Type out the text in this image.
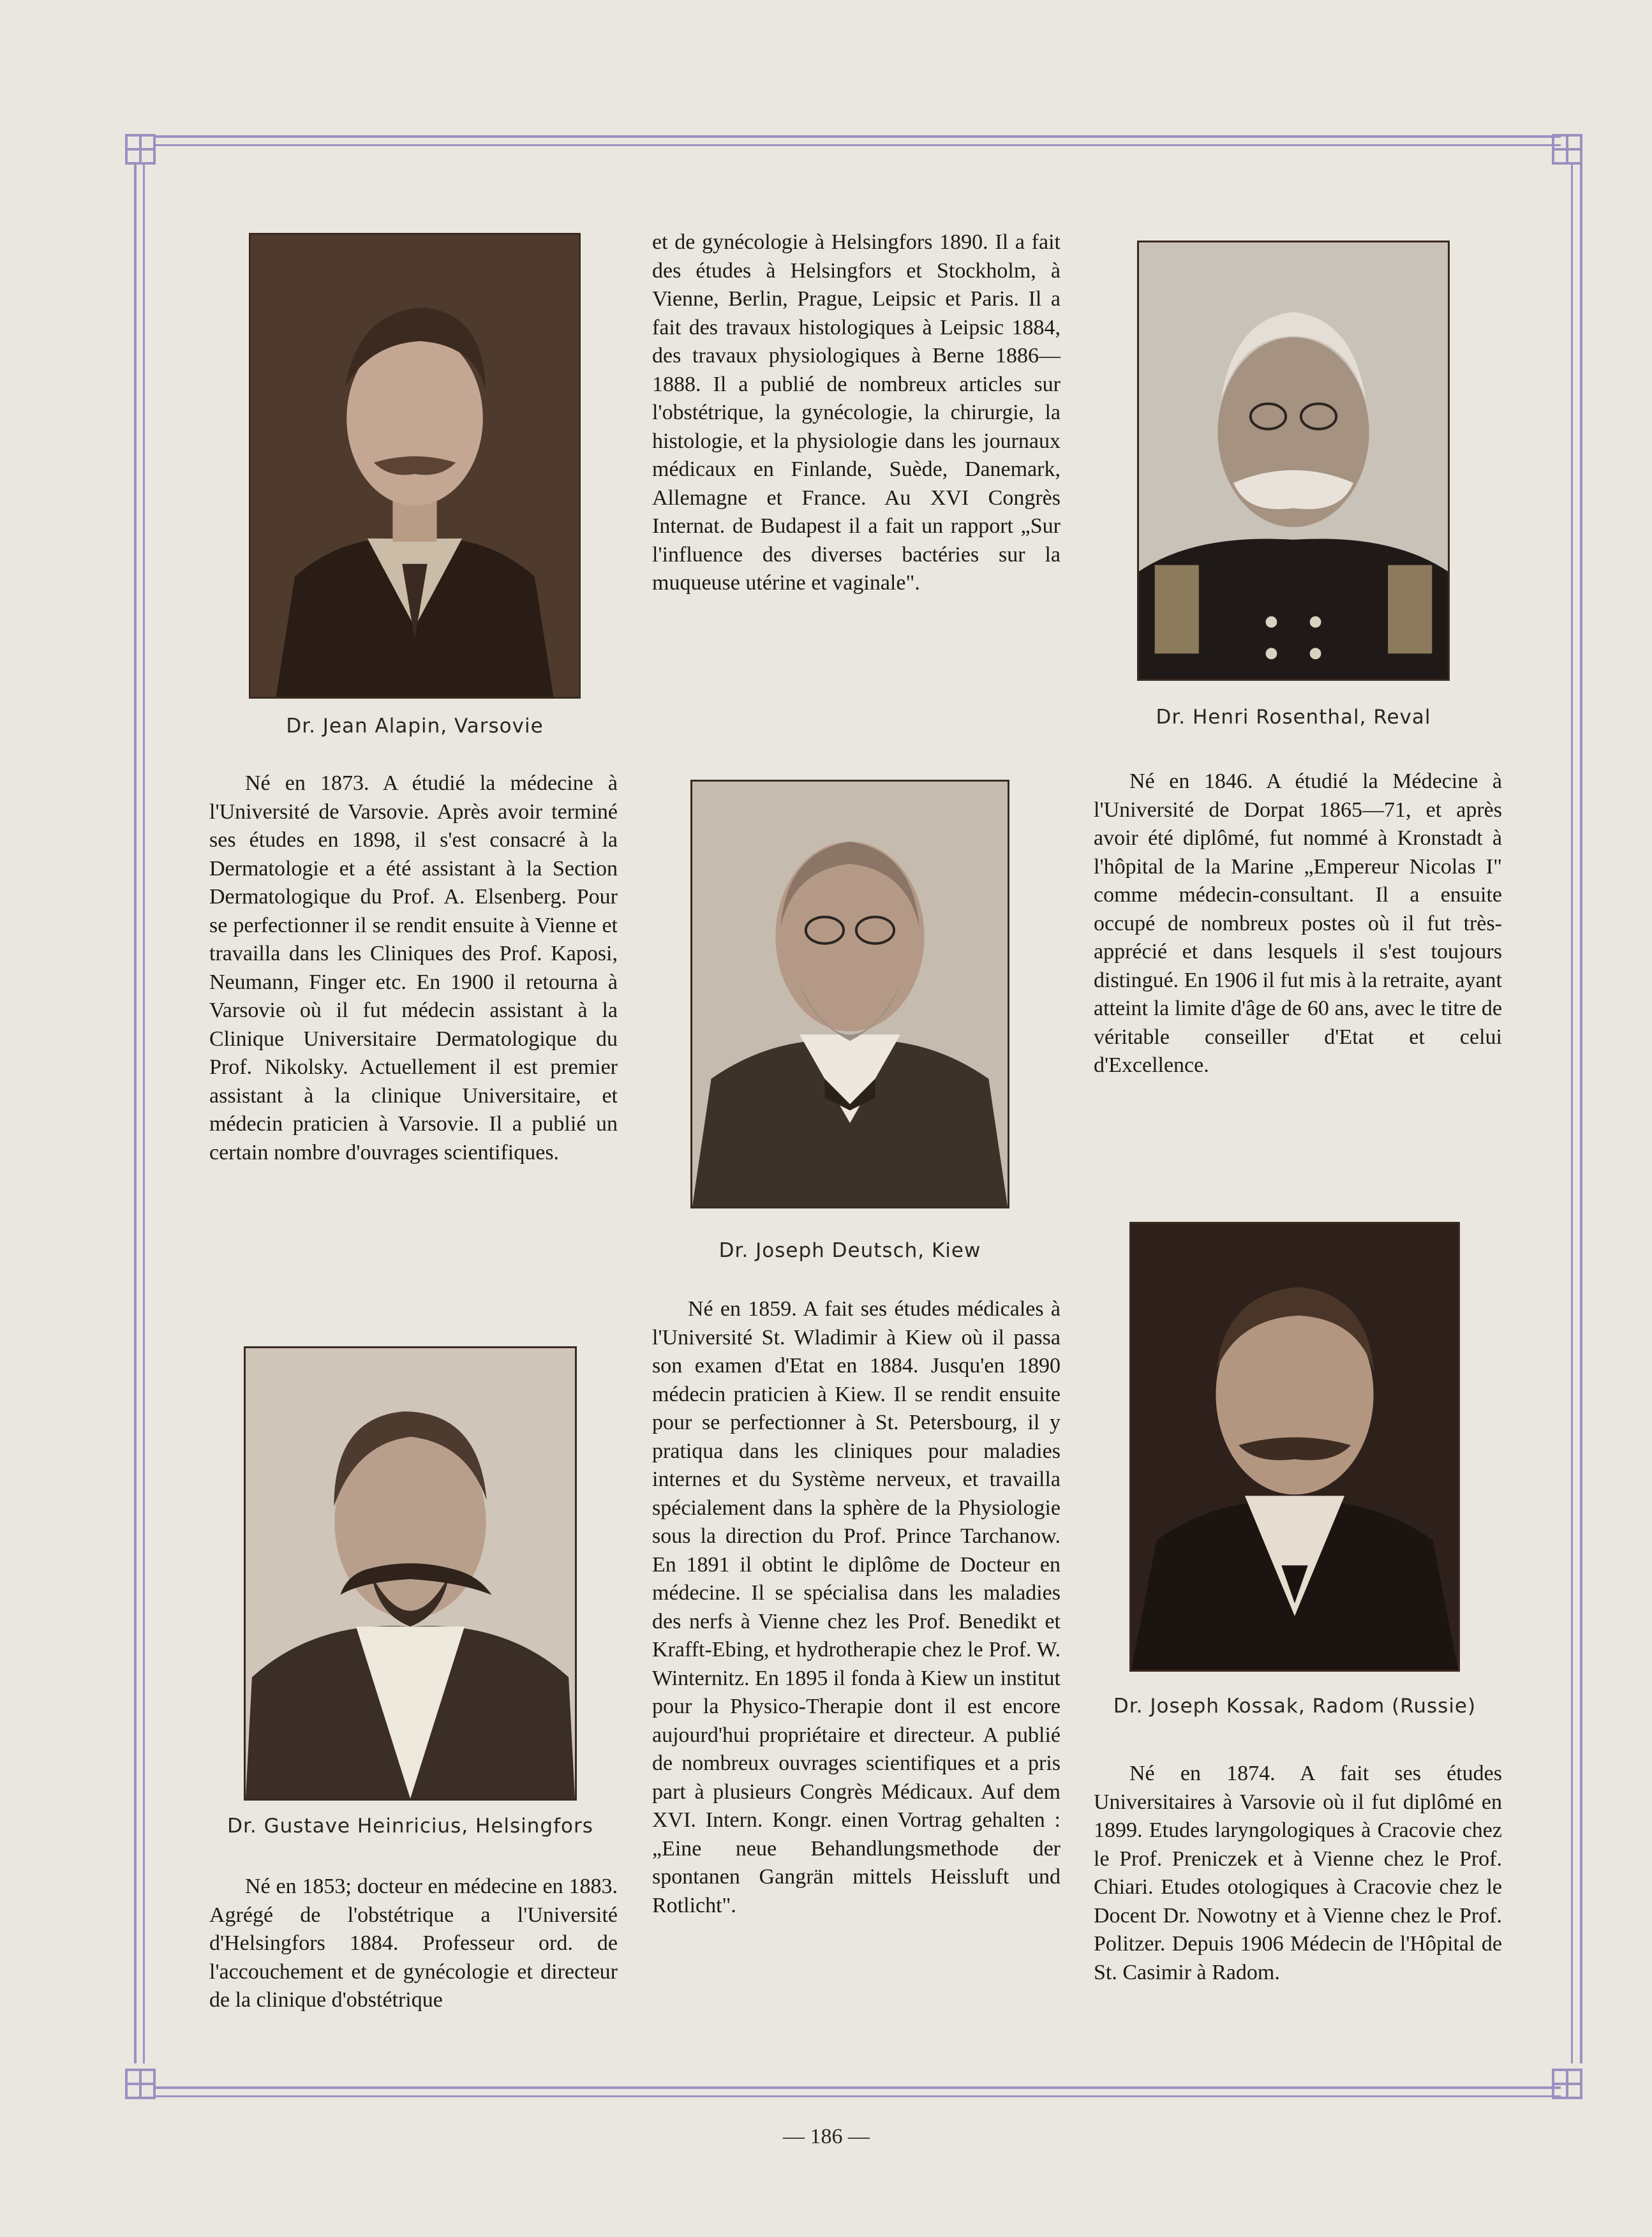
Dr. Jean Alapin, Varsovie

et de gynécologie à Helsingfors 1890. Il a fait des études à Helsingfors et Stockholm, à Vienne, Berlin, Prague, Leipsic et Paris. Il a fait des travaux histologiques à Leipsic 1884, des travaux physiologiques à Berne 1886—1888. Il a publié de nombreux articles sur l'obstétrique, la gynécologie, la chirurgie, la histologie, et la physiologie dans les journaux médicaux en Finlande, Suède, Danemark, Allemagne et France. Au XVI Congrès Internat. de Budapest il a fait un rapport „Sur l'influence des diverses bactéries sur la muqueuse utérine et vaginale".

Dr. Henri Rosenthal, Reval

Né en 1873. A étudié la médecine à l'Université de Varsovie. Après avoir terminé ses études en 1898, il s'est consacré à la Dermatologie et a été assistant à la Section Dermatologique du Prof. A. Elsenberg. Pour se perfectionner il se rendit ensuite à Vienne et travailla dans les Cliniques des Prof. Kaposi, Neumann, Finger etc. En 1900 il retourna à Varsovie où il fut médecin assistant à la Clinique Universitaire Dermatologique du Prof. Nikolsky. Actuellement il est premier assistant à la clinique Universitaire, et médecin praticien à Varsovie. Il a publié un certain nombre d'ouvrages scientifiques.

Né en 1846. A étudié la Médecine à l'Université de Dorpat 1865—71, et après avoir été diplômé, fut nommé à Kronstadt à l'hôpital de la Marine „Empereur Nicolas I" comme médecin-consultant. Il a ensuite occupé de nombreux postes où il fut très-apprécié et dans lesquels il s'est toujours distingué. En 1906 il fut mis à la retraite, ayant atteint la limite d'âge de 60 ans, avec le titre de véritable conseiller d'Etat et celui d'Excellence.

Dr. Joseph Deutsch, Kiew

Né en 1859. A fait ses études médicales à l'Université St. Wladimir à Kiew où il passa son examen d'Etat en 1884. Jusqu'en 1890 médecin praticien à Kiew. Il se rendit ensuite pour se perfectionner à St. Petersbourg, il y pratiqua dans les cliniques pour maladies internes et du Système nerveux, et travailla spécialement dans la sphère de la Physiologie sous la direction du Prof. Prince Tarchanow. En 1891 il obtint le diplôme de Docteur en médecine. Il se spécialisa dans les maladies des nerfs à Vienne chez les Prof. Benedikt et Krafft-Ebing, et hydrotherapie chez le Prof. W. Winternitz. En 1895 il fonda à Kiew un institut pour la Physico-Therapie dont il est encore aujourd'hui propriétaire et directeur. A publié de nombreux ouvrages scientifiques et a pris part à plusieurs Congrès Médicaux. Auf dem XVI. Intern. Kongr. einen Vortrag gehalten : „Eine neue Behandlungsmethode der spontanen Gangrän mittels Heissluft und Rotlicht".

Dr. Joseph Kossak, Radom (Russie)

Né en 1874. A fait ses études Universitaires à Varsovie où il fut diplômé en 1899. Etudes laryngologiques à Cracovie chez le Prof. Preniczek et à Vienne chez le Prof. Chiari. Etudes otologiques à Cracovie chez le Docent Dr. Nowotny et à Vienne chez le Prof. Politzer. Depuis 1906 Médecin de l'Hôpital de St. Casimir à Radom.

Dr. Gustave Heinricius, Helsingfors

Né en 1853; docteur en médecine en 1883. Agrégé de l'obstétrique a l'Université d'Helsingfors 1884. Professeur ord. de l'accouchement et de gynécologie et directeur de la clinique d'obstétrique

— 186 —
